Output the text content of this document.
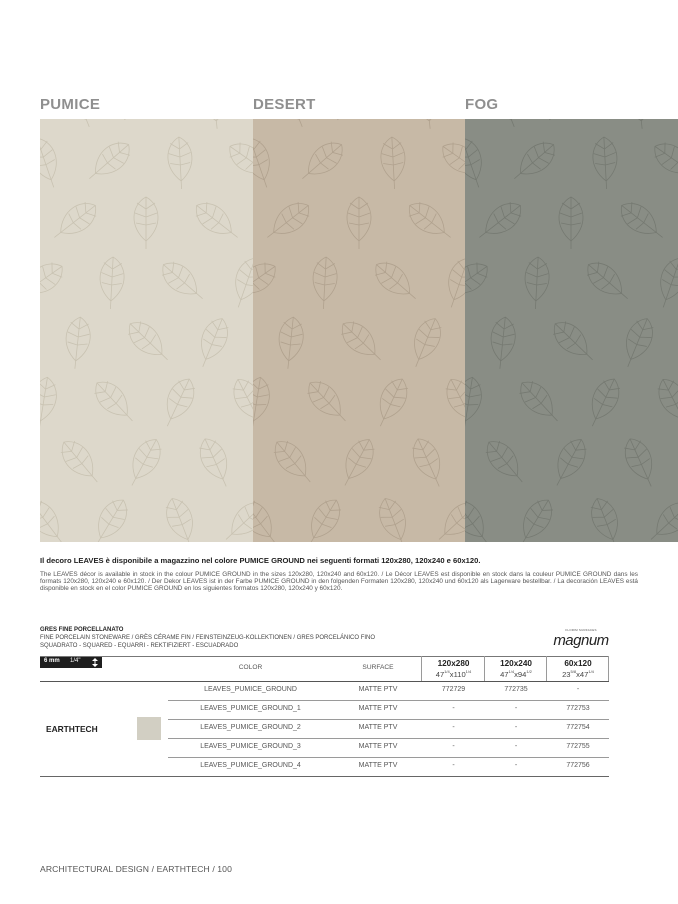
PUMICE	DESERT	FOG
Il decoro LEAVES è disponibile a magazzino nel colore PUMICE GROUND nei seguenti formati 120x280, 120x240 e 60x120.
The LEAVES décor is available in stock in the colour PUMICE GROUND in the sizes 120x280, 120x240 and 60x120. / Le Décor LEAVES est disponible en stock dans la couleur PUMICE GROUND dans les formats 120x280, 120x240 e 60x120. / Der Dekor LEAVES ist in der Farbe PUMICE GROUND in den folgenden Formaten 120x280, 120x240 und 60x120 als Lagerware bestellbar. / La decoración LEAVES está disponible en stock en el color PUMICE GROUND en los siguientes formatos 120x280, 120x240 y 60x120.
GRES FINE PORCELLANATO
FINE PORCELAIN STONEWARE / GRÈS CÉRAME FIN / FEINSTEINZEUG-KOLLEKTIONEN / GRES PORCELÁNICO FINO
SQUADRATO - SQUARED - EQUARRI - REKTIFIZIERT - ESCUADRADO
FLORIM SURFACES
magnum
6 mm 1/4"
COLOR	SURFACE	120x280
$47^{1/4}x110^{1/4}$
120x240
$47^{1/4}x94^{1/2}$
60x120
$23^{5/8}x47^{1/4}$
EARTHTECH
LEAVES_PUMICE_GROUND	MATTE PTV	772729	772735	-
LEAVES_PUMICE_GROUND_1	MATTE PTV	-	-	772753
LEAVES_PUMICE_GROUND_2	MATTE PTV	-	-	772754
LEAVES_PUMICE_GROUND_3	MATTE PTV	-	-	772755
LEAVES_PUMICE_GROUND_4	MATTE PTV	-	-	772756
ARCHITECTURAL DESIGN / EARTHTECH / 100
